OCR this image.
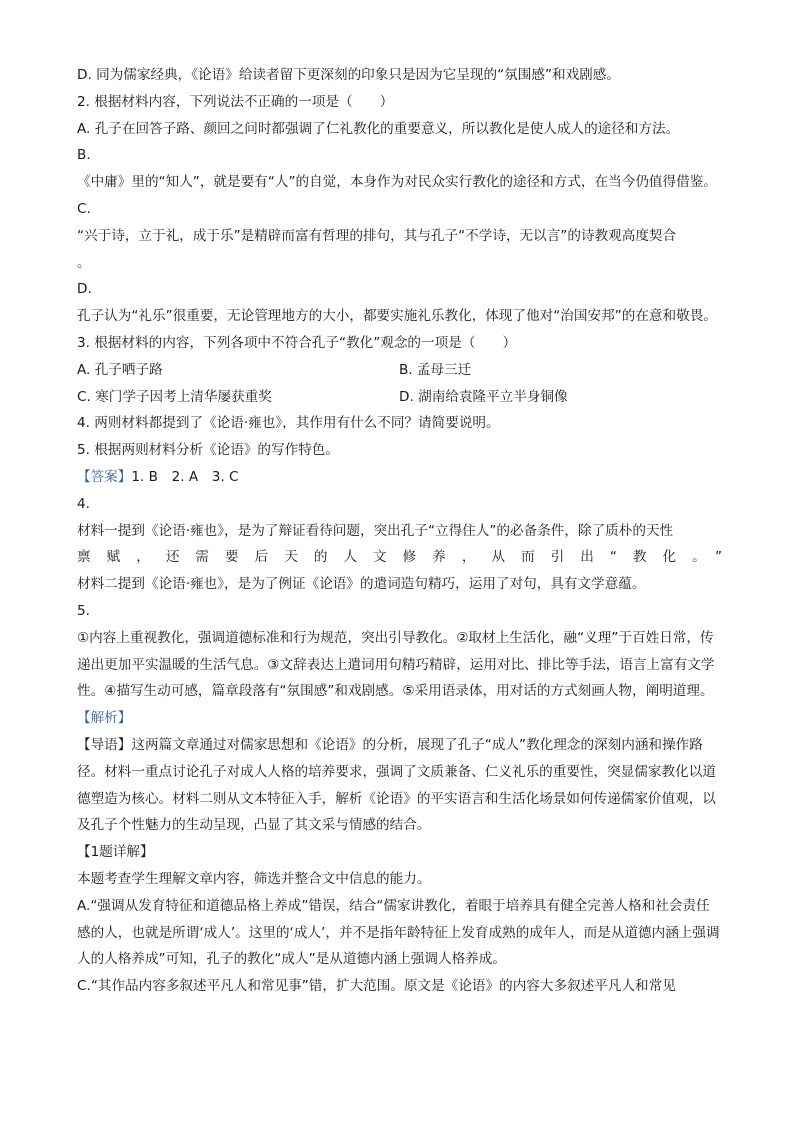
D. 同为儒家经典，《论语》给读者留下更深刻的印象只是因为它呈现的“氛围感”和戏剧感。
2. 根据材料内容，下列说法不正确的一项是（　　）
A. 孔子在回答子路、颜回之问时都强调了仁礼教化的重要意义，所以教化是使人成人的途径和方法。
B.
《中庸》里的“知人”，就是要有“人”的自觉，本身作为对民众实行教化的途径和方式，在当今仍值得借鉴。
C.
“兴于诗，立于礼，成于乐”是精辟而富有哲理的排句，其与孔子“不学诗，无以言”的诗教观高度契合
。
D.
孔子认为“礼乐”很重要，无论管理地方的大小，都要实施礼乐教化，体现了他对“治国安邦”的在意和敬畏。
3. 根据材料的内容，下列各项中不符合孔子“教化”观念的一项是（　　）
A. 孔子哂子路	B. 孟母三迁
C. 寒门学子因考上清华屡获重奖	D. 湖南给袁隆平立半身铜像
4. 两则材料都提到了《论语·雍也》，其作用有什么不同？请简要说明。
5. 根据两则材料分析《论语》的写作特色。
【答案】1. B　2. A　3. C
4.
材料一提到《论语·雍也》，是为了辩证看待问题，突出孔子“立得住人”的必备条件，除了质朴的天性
禀赋，还需要后天的人文修养，从而引出“教化。”
材料二提到《论语·雍也》，是为了例证《论语》的遣词造句精巧，运用了对句，具有文学意蕴。
5.
①内容上重视教化，强调道德标准和行为规范，突出引导教化。②取材上生活化，融“义理”于百姓日常，传递出更加平实温暖的生活气息。③文辞表达上遣词用句精巧精辟，运用对比、排比等手法，语言上富有文学性。④描写生动可感，篇章段落有“氛围感”和戏剧感。⑤采用语录体，用对话的方式刻画人物，阐明道理。
【解析】
【导语】这两篇文章通过对儒家思想和《论语》的分析，展现了孔子“成人”教化理念的深刻内涵和操作路径。材料一重点讨论孔子对成人人格的培养要求，强调了文质兼备、仁义礼乐的重要性，突显儒家教化以道德塑造为核心。材料二则从文本特征入手，解析《论语》的平实语言和生活化场景如何传递儒家价值观，以及孔子个性魅力的生动呈现，凸显了其文采与情感的结合。
【1题详解】
本题考查学生理解文章内容，筛选并整合文中信息的能力。
A.“强调从发育特征和道德品格上养成”错误，结合“儒家讲教化，着眼于培养具有健全完善人格和社会责任感的人，也就是所谓‘成人’。这里的‘成人’，并不是指年龄特征上发育成熟的成年人，而是从道德内涵上强调人的人格养成”可知，孔子的教化“成人”是从道德内涵上强调人格养成。
C.“其作品内容多叙述平凡人和常见事”错，扩大范围。原文是《论语》的内容大多叙述平凡人和常见
